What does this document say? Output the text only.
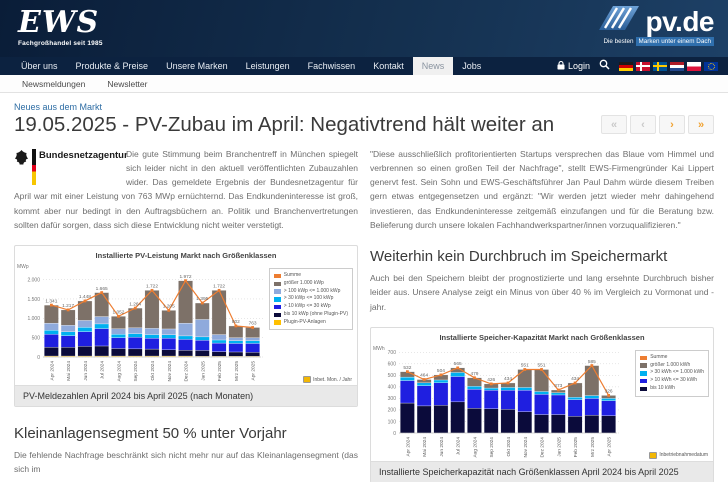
EWS
Fachgroßhandel seit 1985
pv.de
Die besten Marken unter einem Dach
Über uns	Produkte & Preise	Unsere Marken	Leistungen	Fachwissen	Kontakt	News	Jobs	Login
Newsmeldungen	Newsletter
Neues aus dem Markt
19.05.2025 - PV-Zubau im April: Negativtrend hält weiter an	«	‹	›	»
Bundesnetzagentur

Die gute Stimmung beim Branchentreff in München spiegelt sich leider nicht in den aktuell veröffentlichten Zubauzahlen wider. Das gemeldete Ergebnis der Bundesnetzagentur für April war mit einer Leistung von 763 MWp ernüchternd. Das Endkundeninteresse ist groß, kommt aber nur bedingt in den Auftragsbüchern an. Politik und Branchenvertretungen sollten dafür sorgen, dass sich diese Entwicklung nicht weiter verstetigt.

Installierte PV-Leistung Markt nach Größenklassen
0
500
1.000
1.500
2.000
MWp
1.341
1.217
1.448
1.665
1.052
1.264
1.722
1.205
1.972
1.395
1.722
802 763
Apr 2024 Mai 2024 Jun 2024 Jul 2024 Aug 2024 Sep 2024 Okt 2024 Nov 2024 Dez 2024 Jan 2025 Feb 2025 Mrz 2025 Apr 2025
Summe
größer 1.000 kWp
> 100 kWp <= 1.000 kWp
> 30 kWp <= 100 kWp
> 10 kWp <= 30 kWp
bis 10 kWp (ohne Plugin-PV)
Plugin-PV-Anlagen
Inbet. Mon. / Jahr
PV-Meldezahlen April 2024 bis April 2025 (nach Monaten)
Kleinanlagensegment 50 % unter Vorjahr

Die fehlende Nachfrage beschränkt sich nicht mehr nur auf das Kleinanlagensegment (das sich im

"Diese ausschließlich profitorientierten Startups versprechen das Blaue vom Himmel und verbrennen so einen großen Teil der Nachfrage", stellt EWS-Firmengründer Kai Lippert genervt fest. Sein Sohn und EWS-Geschäftsführer Jan Paul Dahm würde diesem Treiben gern etwas entgegensetzen und ergänzt: "Wir werden jetzt wieder mehr dahingehend investieren, das Endkundeninteresse zeitgemäß einzufangen und für die Beratung bzw. Belieferung durch unsere lokalen Fachhandwerkspartner/innen vorzuqualifizieren."

Weiterhin kein Durchbruch im Speichermarkt

Auch bei den Speichern bleibt der prognostizierte und lang ersehnte Durchbruch bisher leider aus. Unsere Analyse zeigt ein Minus von über 40 % im Vergleich zu Vormonat und -jahr.

Installierte Speicher-Kapazität Markt nach Größenklassen
0
100
200
300
400
500
600
700
MWh
532
464
504
565
479
426 434
551 551
373
434
585
326
Apr 2024 Mai 2024 Jun 2024 Jul 2024 Aug 2024 Sep 2024 Okt 2024 Nov 2024 Dez 2024 Jan 2025 Feb 2025 Mrz 2025 Apr 2025
Summe
größer 1.000 kWh
> 30 kWh <= 1.000 kWh
> 10 kWh <= 30 kWh
bis 10 kWh
Inbetriebnahmedatum
Installierte Speicherkapazität nach Größenklassen April 2024 bis April 2025
